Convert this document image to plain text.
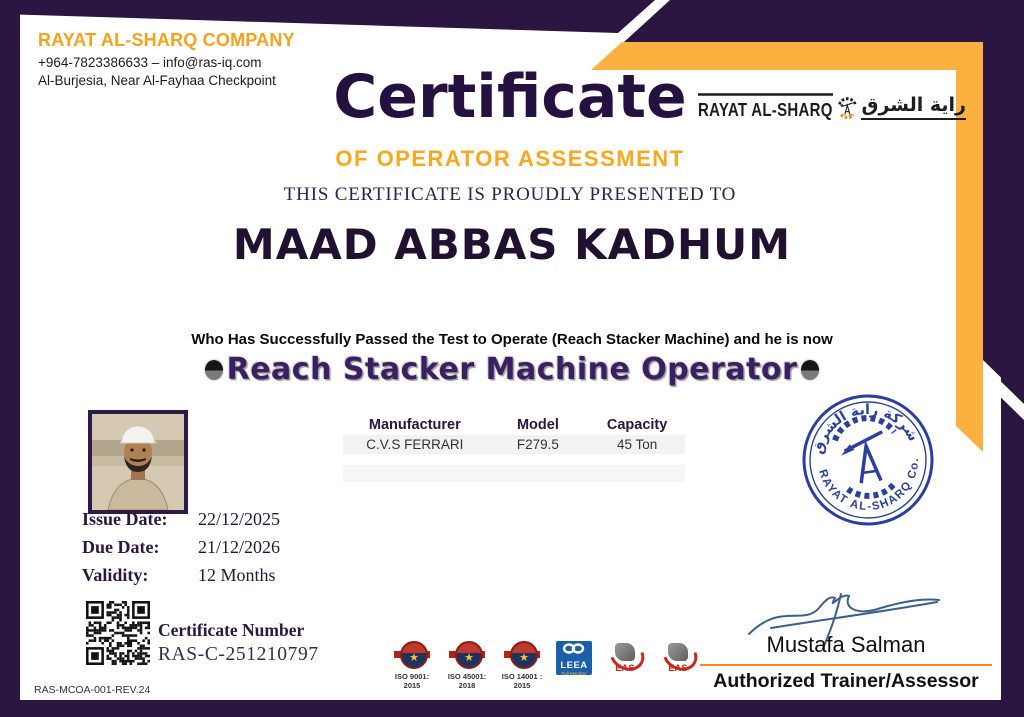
RAYAT AL-SHARQ COMPANY
+964-7823386633 – info@ras-iq.com
Al-Burjesia, Near Al-Fayhaa Checkpoint
RAYAT AL-SHARQ راية الشرق
Certificate
OF OPERATOR ASSESSMENT
THIS CERTIFICATE IS PROUDLY PRESENTED TO
MAAD ABBAS KADHUM
Who Has Successfully Passed the Test to Operate (Reach Stacker Machine) and he is now
Reach Stacker Machine Operator
Manufacturer	Model	Capacity
C.V.S FERRARI	F279.5	45 Ton	شركة راية الشرق
RAYAT AL-SHARQ Co.
Issue Date:	22/12/2025
Due Date:	21/12/2026
Validity:	12 Months
Certificate Number
RAS-C-251210797
RAS-MCOA-001-REV.24
★
ISO 9001:
2015
★
ISO 45001:
2018
★
ISO 14001 :
2015
LEEA
Full Member	EAS	EAS
Mustafa Salman
Authorized Trainer/Assessor
